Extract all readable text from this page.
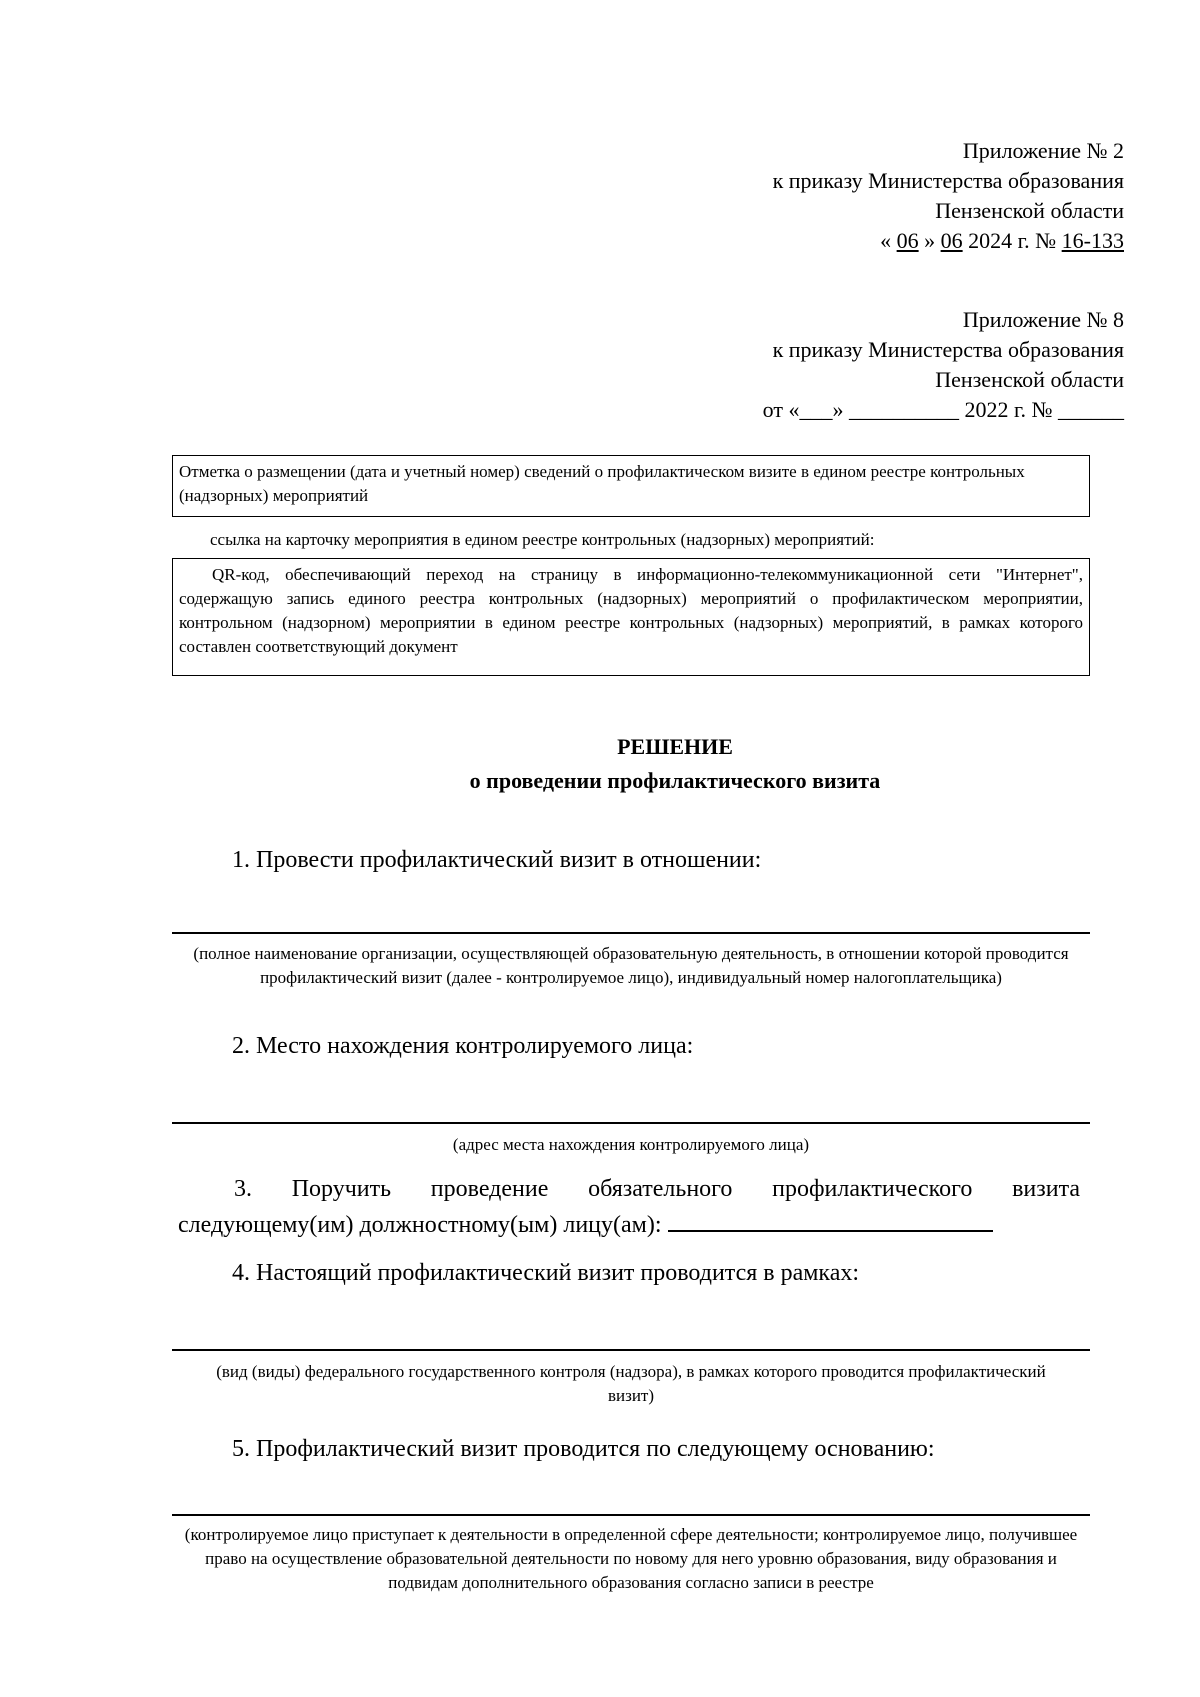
Приложение № 2
к приказу Министерства образования
Пензенской области
« 06 » 06 2024 г. № 16-133
Приложение № 8
к приказу Министерства образования
Пензенской области
от «___» __________ 2022 г. № ______
Отметка о размещении (дата и учетный номер) сведений о профилактическом визите в едином реестре контрольных (надзорных) мероприятий
ссылка на карточку мероприятия в едином реестре контрольных (надзорных) мероприятий:
QR-код, обеспечивающий переход на страницу в информационно-телекоммуникационной сети "Интернет", содержащую запись единого реестра контрольных (надзорных) мероприятий о профилактическом мероприятии, контрольном (надзорном) мероприятии в едином реестре контрольных (надзорных) мероприятий, в рамках которого составлен соответствующий документ
РЕШЕНИЕ
о проведении профилактического визита
1. Провести профилактический визит в отношении:
(полное наименование организации, осуществляющей образовательную деятельность, в отношении которой проводится профилактический визит (далее - контролируемое лицо), индивидуальный номер налогоплательщика)
2. Место нахождения контролируемого лица:
(адрес места нахождения контролируемого лица)
3. Поручить проведение обязательного профилактического визита следующему(им) должностному(ым) лицу(ам):
4. Настоящий профилактический визит проводится в рамках:
(вид (виды) федерального государственного контроля (надзора), в рамках которого проводится профилактический визит)
5. Профилактический визит проводится по следующему основанию:
(контролируемое лицо приступает к деятельности в определенной сфере деятельности; контролируемое лицо, получившее право на осуществление образовательной деятельности по новому для него уровню образования, виду образования и подвидам дополнительного образования согласно записи в реестре
